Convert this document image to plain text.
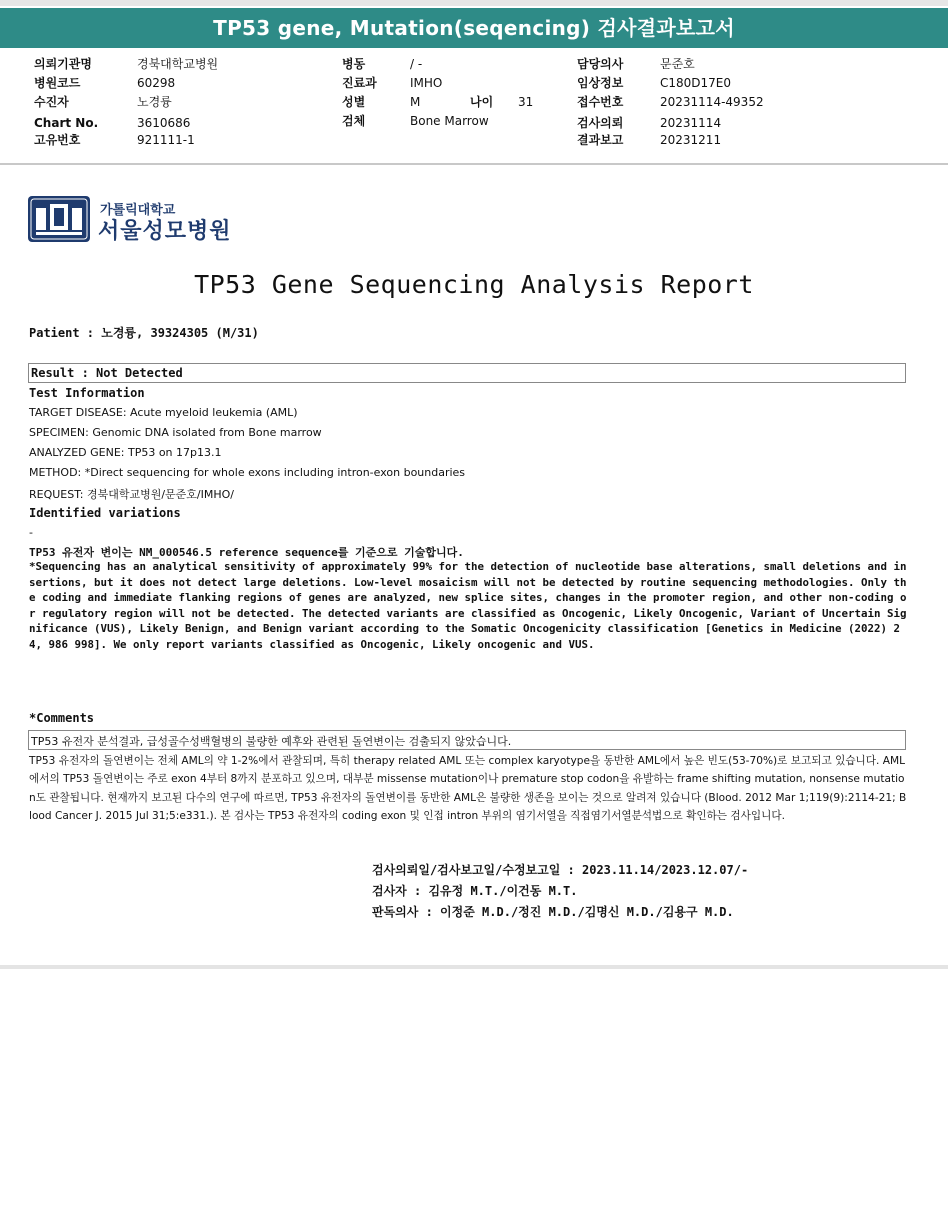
TP53 gene, Mutation(seqencing) 검사결과보고서
의뢰기관명	경북대학교병원
병원코드	60298
수진자	노경륭
Chart No.	3610686
고유번호	921111-1
병동	/ -
진료과	IMHO
성별	M	나이 31
검체	Bone Marrow
담당의사	문준호
임상정보	C180D17E0
접수번호	20231114-49352
검사의뢰	20231114
결과보고	20231211
가톨릭대학교
서울성모병원
TP53 Gene Sequencing Analysis Report
Patient : 노경륭, 39324305 (M/31)
Result : Not Detected
Test Information
TARGET DISEASE: Acute myeloid leukemia (AML)
SPECIMEN: Genomic DNA isolated from Bone marrow
ANALYZED GENE: TP53 on 17p13.1
METHOD: *Direct sequencing for whole exons including intron-exon boundaries
REQUEST: 경북대학교병원/문준호/IMHO/
Identified variations
-
TP53 유전자 변이는 NM_000546.5 reference sequence를 기준으로 기술합니다.
*Sequencing has an analytical sensitivity of approximately 99% for the detection of nucleotide base alterations, small deletions and insertions, but it does not detect large deletions. Low-level mosaicism will not be detected by routine sequencing methodologies. Only the coding and immediate flanking regions of genes are analyzed, new splice sites, changes in the promoter region, and other non-coding or regulatory region will not be detected. The detected variants are classified as Oncogenic, Likely Oncogenic, Variant of Uncertain Significance (VUS), Likely Benign, and Benign variant according to the Somatic Oncogenicity classification [Genetics in Medicine (2022) 24, 986 998]. We only report variants classified as Oncogenic, Likely oncogenic and VUS.
*Comments
TP53 유전자 분석결과, 급성골수성백혈병의 불량한 예후와 관련된 돌연변이는 검출되지 않았습니다.
TP53 유전자의 돌연변이는 전체 AML의 약 1-2%에서 관찰되며, 특히 therapy related AML 또는 complex karyotype을 동반한 AML에서 높은 빈도(53-70%)로 보고되고 있습니다. AML에서의 TP53 돌연변이는 주로 exon 4부터 8까지 분포하고 있으며, 대부분 missense mutation이나 premature stop codon을 유발하는 frame shifting mutation, nonsense mutation도 관찰됩니다. 현재까지 보고된 다수의 연구에 따르면, TP53 유전자의 돌연변이를 동반한 AML은 불량한 생존을 보이는 것으로 알려져 있습니다 (Blood. 2012 Mar 1;119(9):2114-21; Blood Cancer J. 2015 Jul 31;5:e331.). 본 검사는 TP53 유전자의 coding exon 및 인접 intron 부위의 염기서열을 직접염기서열분석법으로 확인하는 검사입니다.
검사의뢰일/검사보고일/수정보고일 : 2023.11.14/2023.12.07/-
검사자 : 김유정 M.T./이건동 M.T.
판독의사 : 이정준 M.D./정진 M.D./김명신 M.D./김용구 M.D.
